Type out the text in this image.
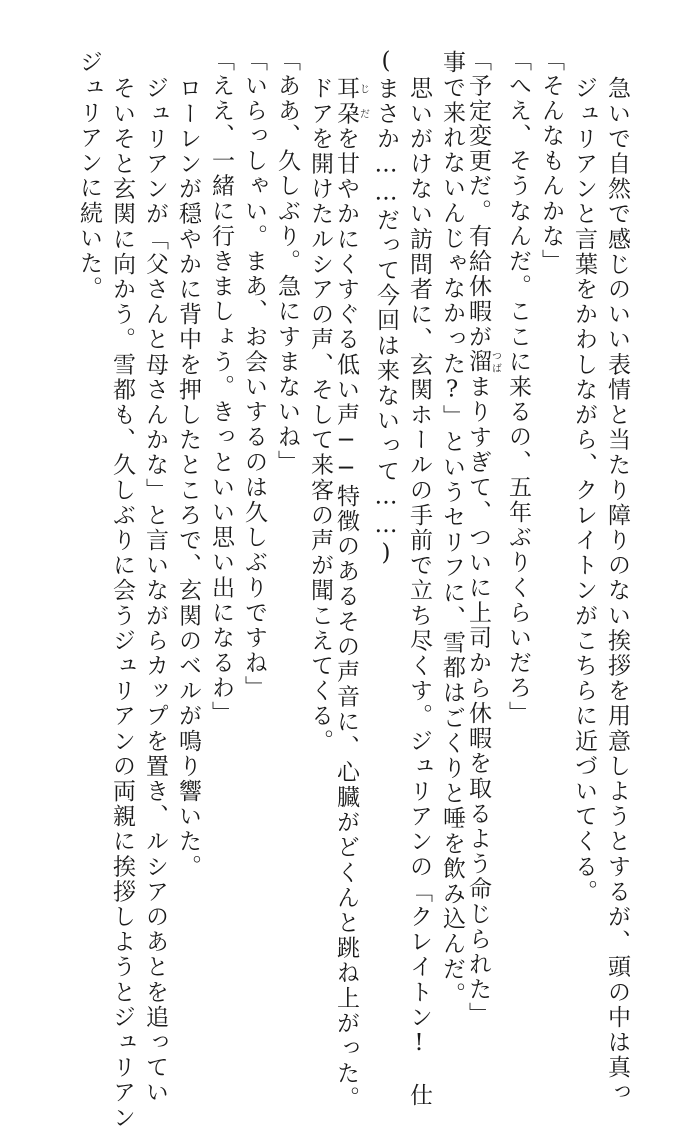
ジュリアンに続いた。 そいそと玄関に向かう。雪都も、久しぶりに会うジュリアンの両親に挨拶しようとジュリアン ジュリアンが「父さんと母さんかな」と言いながらカップを置き、ルシアのあとを追ってい ローレンが穏やかに背中を押したところで、玄関のベルが鳴り響いた。 「ええ、一緒に行きましょう。きっといい思い出になるわ」 「いらっしゃい。まあ、お会いするのは久しぶりですね」 「ああ、久しぶり。急にすまないね」 ドアを開けたルシアの声、そして来客の声が聞こえてくる。 耳朶じだを甘やかにくすぐる低い声──特徴のあるその声音に、心臓がどくんと跳ね上がった。 (まさか……だって今回は来ないって……) 思いがけない訪問者に、玄関ホールの手前で立ち尽くす。ジュリアンの「クレイトン!　仕 事で来れないんじゃなかった?」というセリフに、雪都はごくりと唾を飲み込んだ。 「予定変更だ。有給休暇が溜つばまりすぎて、ついに上司から休暇を取るよう命じられた」 「へえ、そうなんだ。ここに来るの、五年ぶりくらいだろ」 「そんなもんかな」 ジュリアンと言葉をかわしながら、クレイトンがこちらに近づいてくる。 急いで自然で感じのいい表情と当たり障りのない挨拶を用意しようとするが、頭の中は真っ
